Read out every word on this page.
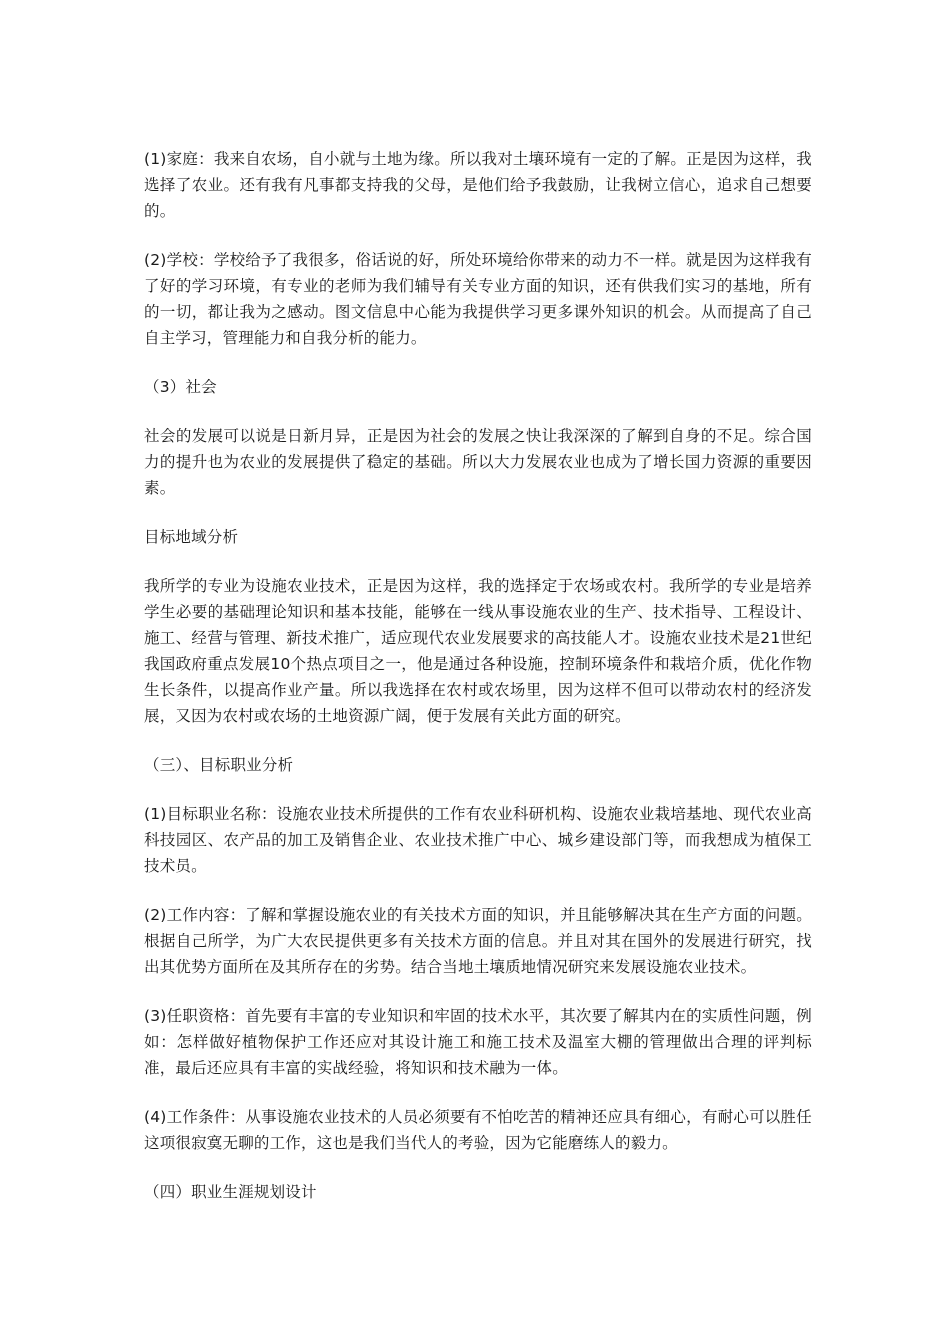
(1)家庭：我来自农场，自小就与土地为缘。所以我对土壤环境有一定的了解。正是因为这样，我选择了农业。还有我有凡事都支持我的父母，是他们给予我鼓励，让我树立信心，追求自己想要的。

(2)学校：学校给予了我很多，俗话说的好，所处环境给你带来的动力不一样。就是因为这样我有了好的学习环境，有专业的老师为我们辅导有关专业方面的知识，还有供我们实习的基地，所有的一切，都让我为之感动。图文信息中心能为我提供学习更多课外知识的机会。从而提高了自己自主学习，管理能力和自我分析的能力。

（3）社会

社会的发展可以说是日新月异，正是因为社会的发展之快让我深深的了解到自身的不足。综合国力的提升也为农业的发展提供了稳定的基础。所以大力发展农业也成为了增长国力资源的重要因素。

目标地域分析

我所学的专业为设施农业技术，正是因为这样，我的选择定于农场或农村。我所学的专业是培养学生必要的基础理论知识和基本技能，能够在一线从事设施农业的生产、技术指导、工程设计、施工、经营与管理、新技术推广，适应现代农业发展要求的高技能人才。设施农业技术是21世纪我国政府重点发展10个热点项目之一，他是通过各种设施，控制环境条件和栽培介质，优化作物生长条件，以提高作业产量。所以我选择在农村或农场里，因为这样不但可以带动农村的经济发展，又因为农村或农场的土地资源广阔，便于发展有关此方面的研究。

（三）、目标职业分析

(1)目标职业名称：设施农业技术所提供的工作有农业科研机构、设施农业栽培基地、现代农业高科技园区、农产品的加工及销售企业、农业技术推广中心、城乡建设部门等，而我想成为植保工技术员。

(2)工作内容：了解和掌握设施农业的有关技术方面的知识，并且能够解决其在生产方面的问题。根据自己所学，为广大农民提供更多有关技术方面的信息。并且对其在国外的发展进行研究，找出其优势方面所在及其所存在的劣势。结合当地土壤质地情况研究来发展设施农业技术。

(3)任职资格：首先要有丰富的专业知识和牢固的技术水平，其次要了解其内在的实质性问题，例如：怎样做好植物保护工作还应对其设计施工和施工技术及温室大棚的管理做出合理的评判标准，最后还应具有丰富的实战经验，将知识和技术融为一体。

(4)工作条件：从事设施农业技术的人员必须要有不怕吃苦的精神还应具有细心，有耐心可以胜任这项很寂寞无聊的工作，这也是我们当代人的考验，因为它能磨练人的毅力。

（四）职业生涯规划设计
